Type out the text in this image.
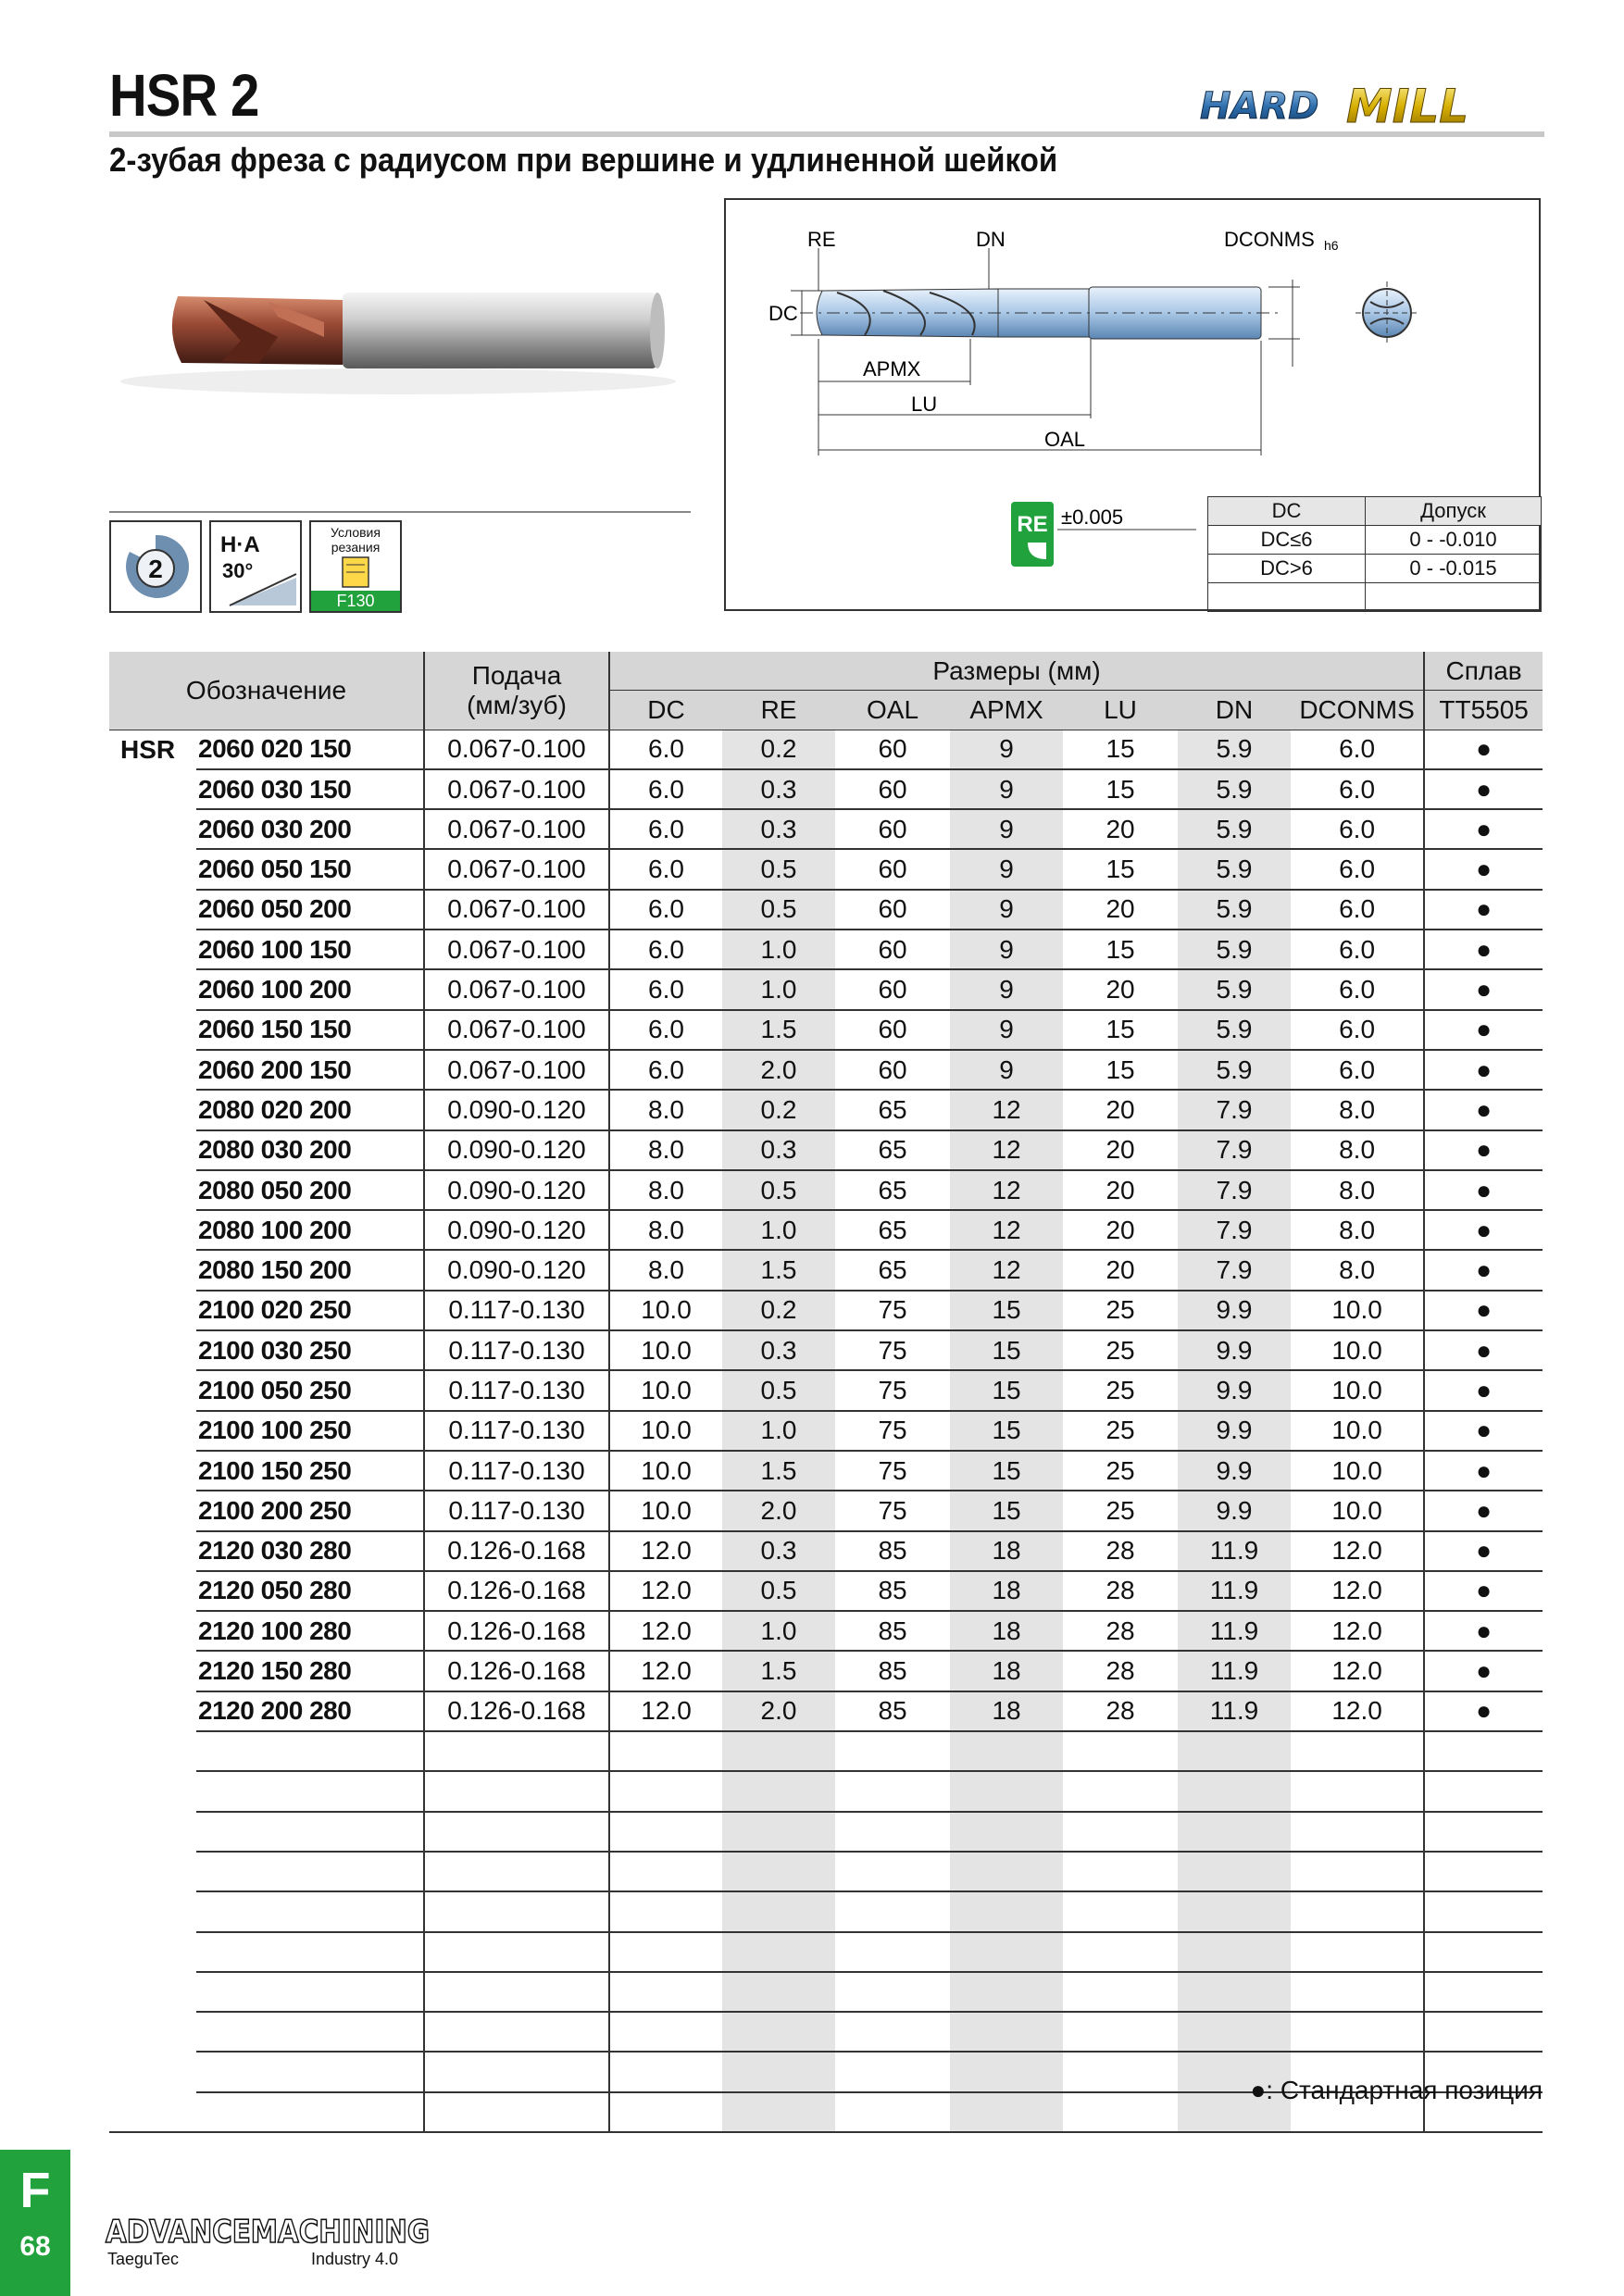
HSR 2
2-зубая фреза с радиусом при вершине и удлиненной шейкой
HARD MILL
2
H·A
30°
Условия
резания
F130
RE	DN	DCONMS h6
DC
APMX
LU
OAL
RE ±0.005	DC	Допуск
DC≤6	0 - -0.010
DC>6	0 - -0.015

Обозначение		Подача
(мм/зуб)	Размеры (мм)							Сплав
			DC	RE	OAL	APMX	LU	DN	DCONMS	TT5505
HSR	2060 020 150	0.067-0.100	6.0	0.2	60	9	15	5.9	6.0	●
	2060 030 150	0.067-0.100	6.0	0.3	60	9	15	5.9	6.0	●
	2060 030 200	0.067-0.100	6.0	0.3	60	9	20	5.9	6.0	●
	2060 050 150	0.067-0.100	6.0	0.5	60	9	15	5.9	6.0	●
	2060 050 200	0.067-0.100	6.0	0.5	60	9	20	5.9	6.0	●
	2060 100 150	0.067-0.100	6.0	1.0	60	9	15	5.9	6.0	●
	2060 100 200	0.067-0.100	6.0	1.0	60	9	20	5.9	6.0	●
	2060 150 150	0.067-0.100	6.0	1.5	60	9	15	5.9	6.0	●
	2060 200 150	0.067-0.100	6.0	2.0	60	9	15	5.9	6.0	●
	2080 020 200	0.090-0.120	8.0	0.2	65	12	20	7.9	8.0	●
	2080 030 200	0.090-0.120	8.0	0.3	65	12	20	7.9	8.0	●
	2080 050 200	0.090-0.120	8.0	0.5	65	12	20	7.9	8.0	●
	2080 100 200	0.090-0.120	8.0	1.0	65	12	20	7.9	8.0	●
	2080 150 200	0.090-0.120	8.0	1.5	65	12	20	7.9	8.0	●
	2100 020 250	0.117-0.130	10.0	0.2	75	15	25	9.9	10.0	●
	2100 030 250	0.117-0.130	10.0	0.3	75	15	25	9.9	10.0	●
	2100 050 250	0.117-0.130	10.0	0.5	75	15	25	9.9	10.0	●
	2100 100 250	0.117-0.130	10.0	1.0	75	15	25	9.9	10.0	●
	2100 150 250	0.117-0.130	10.0	1.5	75	15	25	9.9	10.0	●
	2100 200 250	0.117-0.130	10.0	2.0	75	15	25	9.9	10.0	●
	2120 030 280	0.126-0.168	12.0	0.3	85	18	28	11.9	12.0	●
	2120 050 280	0.126-0.168	12.0	0.5	85	18	28	11.9	12.0	●
	2120 100 280	0.126-0.168	12.0	1.0	85	18	28	11.9	12.0	●
	2120 150 280	0.126-0.168	12.0	1.5	85	18	28	11.9	12.0	●
	2120 200 280	0.126-0.168	12.0	2.0	85	18	28	11.9	12.0	●

●: Стандартная позиция
F
68	ADVANCEMACHINING
TaeguTec	Industry 4.0
